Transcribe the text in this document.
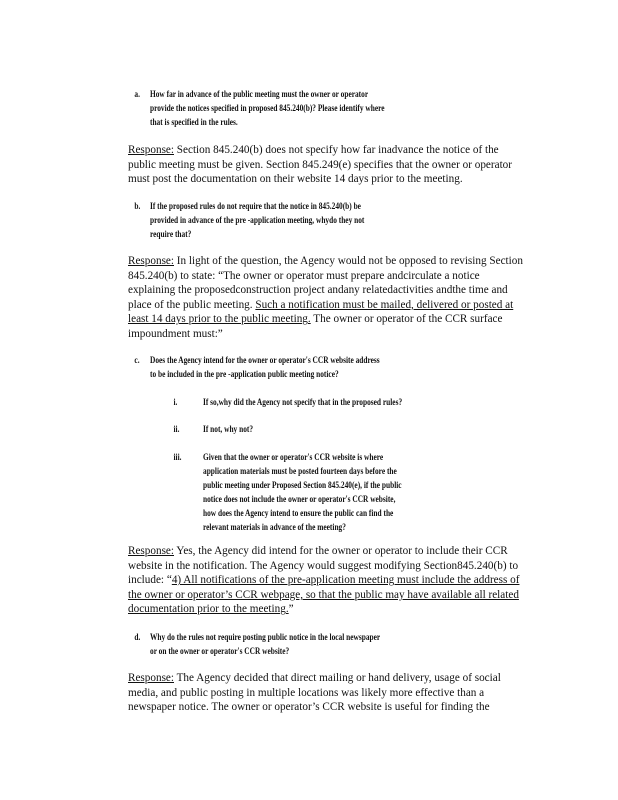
a. How far in advance of the public meeting must the owner or operator
provide the notices specified in proposed 845.240(b)? Please identify where
that is specified in the rules.
Response: Section 845.240(b) does not specify how far inadvance the notice of the
public meeting must be given. Section 845.249(e) specifies that the owner or operator
must post the documentation on their website 14 days prior to the meeting.
b. If the proposed rules do not require that the notice in 845.240(b) be
provided in advance of the pre -application meeting, whydo they not
require that?
Response: In light of the question, the Agency would not be opposed to revising Section
845.240(b) to state: “The owner or operator must prepare andcirculate a notice
explaining the proposedconstruction project andany relatedactivities andthe time and
place of the public meeting. Such a notification must be mailed, delivered or posted at
least 14 days prior to the public meeting. The owner or operator of the CCR surface
impoundment must:”
c. Does the Agency intend for the owner or operator's CCR website address
to be included in the pre -application public meeting notice?
i.	If so,why did the Agency not specify that in the proposed rules?
ii.	If not, why not?
iii. Given that the owner or operator's CCR website is where
application materials must be posted fourteen days before the
public meeting under Proposed Section 845.240(e), if the public
notice does not include the owner or operator's CCR website,
how does the Agency intend to ensure the public can find the
relevant materials in advance of the meeting?
Response: Yes, the Agency did intend for the owner or operator to include their CCR
website in the notification. The Agency would suggest modifying Section845.240(b) to
include: “4) All notifications of the pre-application meeting must include the address of
the owner or operator’s CCR webpage, so that the public may have available all related
documentation prior to the meeting.”
d. Why do the rules not require posting public notice in the local newspaper
or on the owner or operator's CCR website?
Response: The Agency decided that direct mailing or hand delivery, usage of social
media, and public posting in multiple locations was likely more effective than a
newspaper notice. The owner or operator’s CCR website is useful for finding the
